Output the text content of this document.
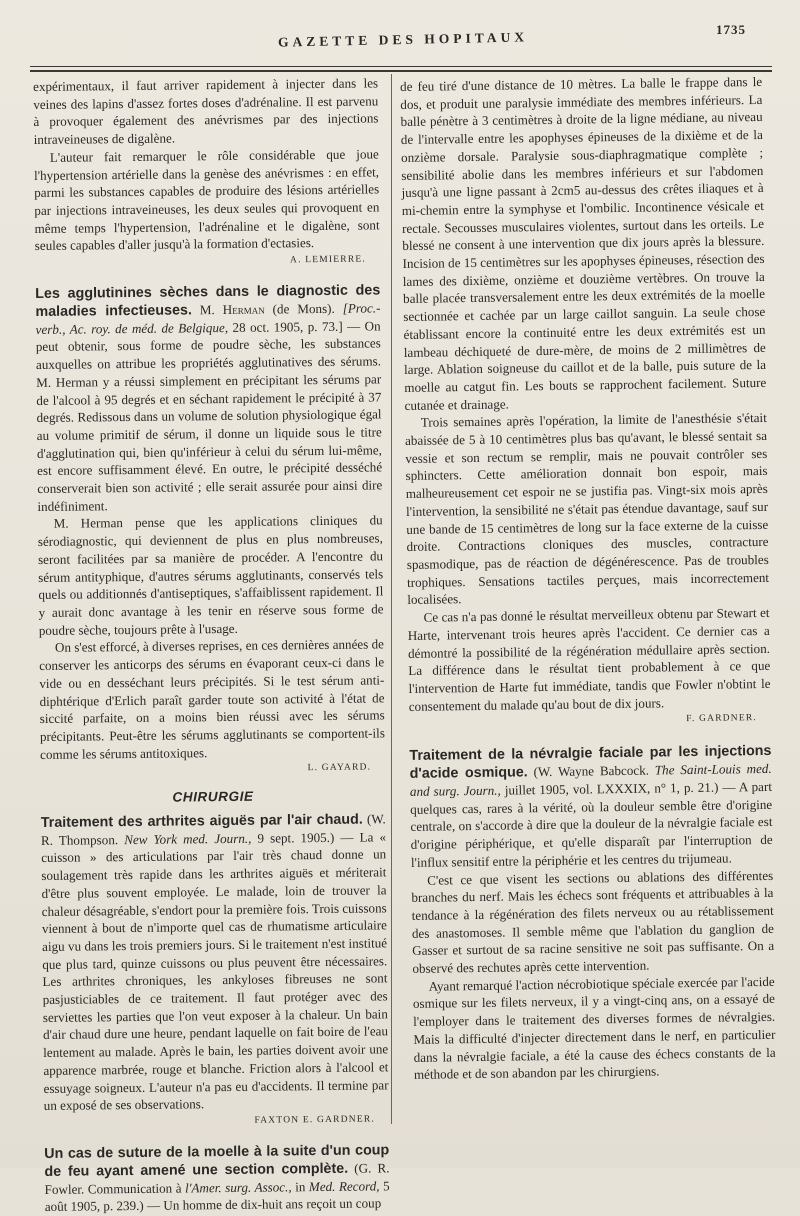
GAZETTE DES HOPITAUX	1735

expérimentaux, il faut arriver rapidement à injecter dans les veines des lapins d'assez fortes doses d'adrénaline. Il est parvenu à provoquer également des anévrismes par des injections intraveineuses de digalène.

L'auteur fait remarquer le rôle considérable que joue l'hypertension artérielle dans la genèse des anévrismes : en effet, parmi les substances capables de produire des lésions artérielles par injections intraveineuses, les deux seules qui provoquent en même temps l'hypertension, l'adrénaline et le digalène, sont seules capables d'aller jusqu'à la formation d'ectasies.

A. LEMIERRE.

Les agglutinines sèches dans le diagnostic des maladies infectieuses. M. Herman (de Mons). [Proc.-verb., Ac. roy. de méd. de Belgique, 28 oct. 1905, p. 73.] — On peut obtenir, sous forme de poudre sèche, les substances auxquelles on attribue les propriétés agglutinatives des sérums. M. Herman y a réussi simplement en précipitant les sérums par de l'alcool à 95 degrés et en séchant rapidement le précipité à 37 degrés. Redissous dans un volume de solution physiologique égal au volume primitif de sérum, il donne un liquide sous le titre d'agglutination qui, bien qu'inférieur à celui du sérum lui-même, est encore suffisamment élevé. En outre, le précipité desséché conserverait bien son activité ; elle serait assurée pour ainsi dire indéfiniment.

M. Herman pense que les applications cliniques du sérodiagnostic, qui deviennent de plus en plus nombreuses, seront facilitées par sa manière de procéder. A l'encontre du sérum antityphique, d'autres sérums agglutinants, conservés tels quels ou additionnés d'antiseptiques, s'affaiblissent rapidement. Il y aurait donc avantage à les tenir en réserve sous forme de poudre sèche, toujours prête à l'usage.

On s'est efforcé, à diverses reprises, en ces dernières années de conserver les anticorps des sérums en évaporant ceux-ci dans le vide ou en desséchant leurs précipités. Si le test sérum anti-diphtérique d'Erlich paraît garder toute son activité à l'état de siccité parfaite, on a moins bien réussi avec les sérums précipitants. Peut-être les sérums agglutinants se comportent-ils comme les sérums antitoxiques.

L. GAYARD.

CHIRURGIE

Traitement des arthrites aiguës par l'air chaud. (W. R. Thompson. New York med. Journ., 9 sept. 1905.) — La « cuisson » des articulations par l'air très chaud donne un soulagement très rapide dans les arthrites aiguës et mériterait d'être plus souvent employée. Le malade, loin de trouver la chaleur désagréable, s'endort pour la première fois. Trois cuissons viennent à bout de n'importe quel cas de rhumatisme articulaire aigu vu dans les trois premiers jours. Si le traitement n'est institué que plus tard, quinze cuissons ou plus peuvent être nécessaires. Les arthrites chroniques, les ankyloses fibreuses ne sont pasjusticiables de ce traitement. Il faut protéger avec des serviettes les parties que l'on veut exposer à la chaleur. Un bain d'air chaud dure une heure, pendant laquelle on fait boire de l'eau lentement au malade. Après le bain, les parties doivent avoir une apparence marbrée, rouge et blanche. Friction alors à l'alcool et essuyage soigneux. L'auteur n'a pas eu d'accidents. Il termine par un exposé de ses observations.

FAXTON E. GARDNER.

Un cas de suture de la moelle à la suite d'un coup de feu ayant amené une section complète. (G. R. Fowler. Communication à l'Amer. surg. Assoc., in Med. Record, 5 août 1905, p. 239.) — Un homme de dix-huit ans reçoit un coup

de feu tiré d'une distance de 10 mètres. La balle le frappe dans le dos, et produit une paralysie immédiate des membres inférieurs. La balle pénètre à 3 centimètres à droite de la ligne médiane, au niveau de l'intervalle entre les apophyses épineuses de la dixième et de la onzième dorsale. Paralysie sous-diaphragmatique complète ; sensibilité abolie dans les membres inférieurs et sur l'abdomen jusqu'à une ligne passant à 2cm5 au-dessus des crêtes iliaques et à mi-chemin entre la symphyse et l'ombilic. Incontinence vésicale et rectale. Secousses musculaires violentes, surtout dans les orteils. Le blessé ne consent à une intervention que dix jours après la blessure. Incision de 15 centimètres sur les apophyses épineuses, résection des lames des dixième, onzième et douzième vertèbres. On trouve la balle placée transversalement entre les deux extrémités de la moelle sectionnée et cachée par un large caillot sanguin. La seule chose établissant encore la continuité entre les deux extrémités est un lambeau déchiqueté de dure-mère, de moins de 2 millimètres de large. Ablation soigneuse du caillot et de la balle, puis suture de la moelle au catgut fin. Les bouts se rapprochent facilement. Suture cutanée et drainage.

Trois semaines après l'opération, la limite de l'anesthésie s'était abaissée de 5 à 10 centimètres plus bas qu'avant, le blessé sentait sa vessie et son rectum se remplir, mais ne pouvait contrôler ses sphincters. Cette amélioration donnait bon espoir, mais malheureusement cet espoir ne se justifia pas. Vingt-six mois après l'intervention, la sensibilité ne s'était pas étendue davantage, sauf sur une bande de 15 centimètres de long sur la face externe de la cuisse droite. Contractions cloniques des muscles, contracture spasmodique, pas de réaction de dégénérescence. Pas de troubles trophiques. Sensations tactiles perçues, mais incorrectement localisées.

Ce cas n'a pas donné le résultat merveilleux obtenu par Stewart et Harte, intervenant trois heures après l'accident. Ce dernier cas a démontré la possibilité de la régénération médullaire après section. La différence dans le résultat tient probablement à ce que l'intervention de Harte fut immédiate, tandis que Fowler n'obtint le consentement du malade qu'au bout de dix jours.

F. GARDNER.

Traitement de la névralgie faciale par les injections d'acide osmique. (W. Wayne Babcock. The Saint-Louis med. and surg. Journ., juillet 1905, vol. LXXXIX, n° 1, p. 21.) — A part quelques cas, rares à la vérité, où la douleur semble être d'origine centrale, on s'accorde à dire que la douleur de la névralgie faciale est d'origine périphérique, et qu'elle disparaît par l'interruption de l'influx sensitif entre la périphérie et les centres du trijumeau.

C'est ce que visent les sections ou ablations des différentes branches du nerf. Mais les échecs sont fréquents et attribuables à la tendance à la régénération des filets nerveux ou au rétablissement des anastomoses. Il semble même que l'ablation du ganglion de Gasser et surtout de sa racine sensitive ne soit pas suffisante. On a observé des rechutes après cette intervention.

Ayant remarqué l'action nécrobiotique spéciale exercée par l'acide osmique sur les filets nerveux, il y a vingt-cinq ans, on a essayé de l'employer dans le traitement des diverses formes de névralgies. Mais la difficulté d'injecter directement dans le nerf, en particulier dans la névralgie faciale, a été la cause des échecs constants de la méthode et de son abandon par les chirurgiens.
